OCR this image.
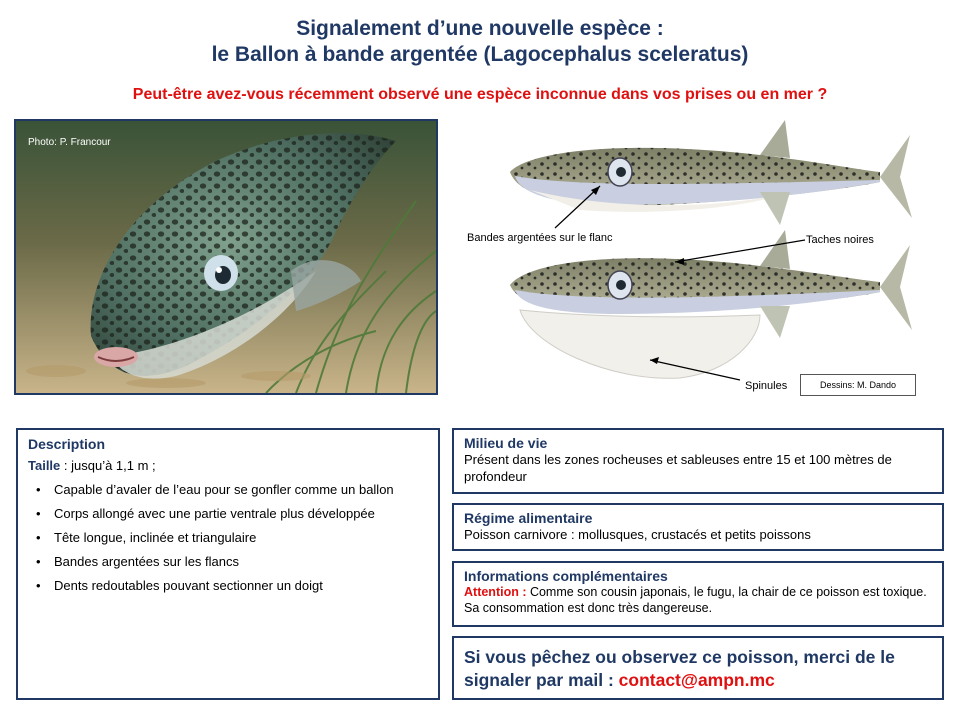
Signalement d’une nouvelle espèce :
le Ballon à bande argentée (Lagocephalus sceleratus)
Peut-être avez-vous récemment observé une espèce inconnue dans vos prises ou en mer ?
Photo: P. Francour
Bandes argentées sur le flanc	Taches noires
Spinules	Dessins: M. Dando
Description
Taille : jusqu’à 1,1 m ;
• Capable d’avaler de l’eau pour se gonfler comme un ballon
• Corps allongé avec une partie ventrale plus développée
• Tête longue, inclinée et triangulaire
• Bandes argentées sur les flancs
• Dents redoutables pouvant sectionner un doigt
Milieu de vie
Présent dans les zones rocheuses et sableuses entre 15 et 100 mètres de profondeur
Régime alimentaire
Poisson carnivore : mollusques, crustacés et petits poissons
Informations complémentaires
Attention : Comme son cousin japonais, le fugu, la chair de ce poisson est toxique. Sa consommation est donc très dangereuse.
Si vous pêchez ou observez ce poisson, merci de le signaler par mail : contact@ampn.mc
